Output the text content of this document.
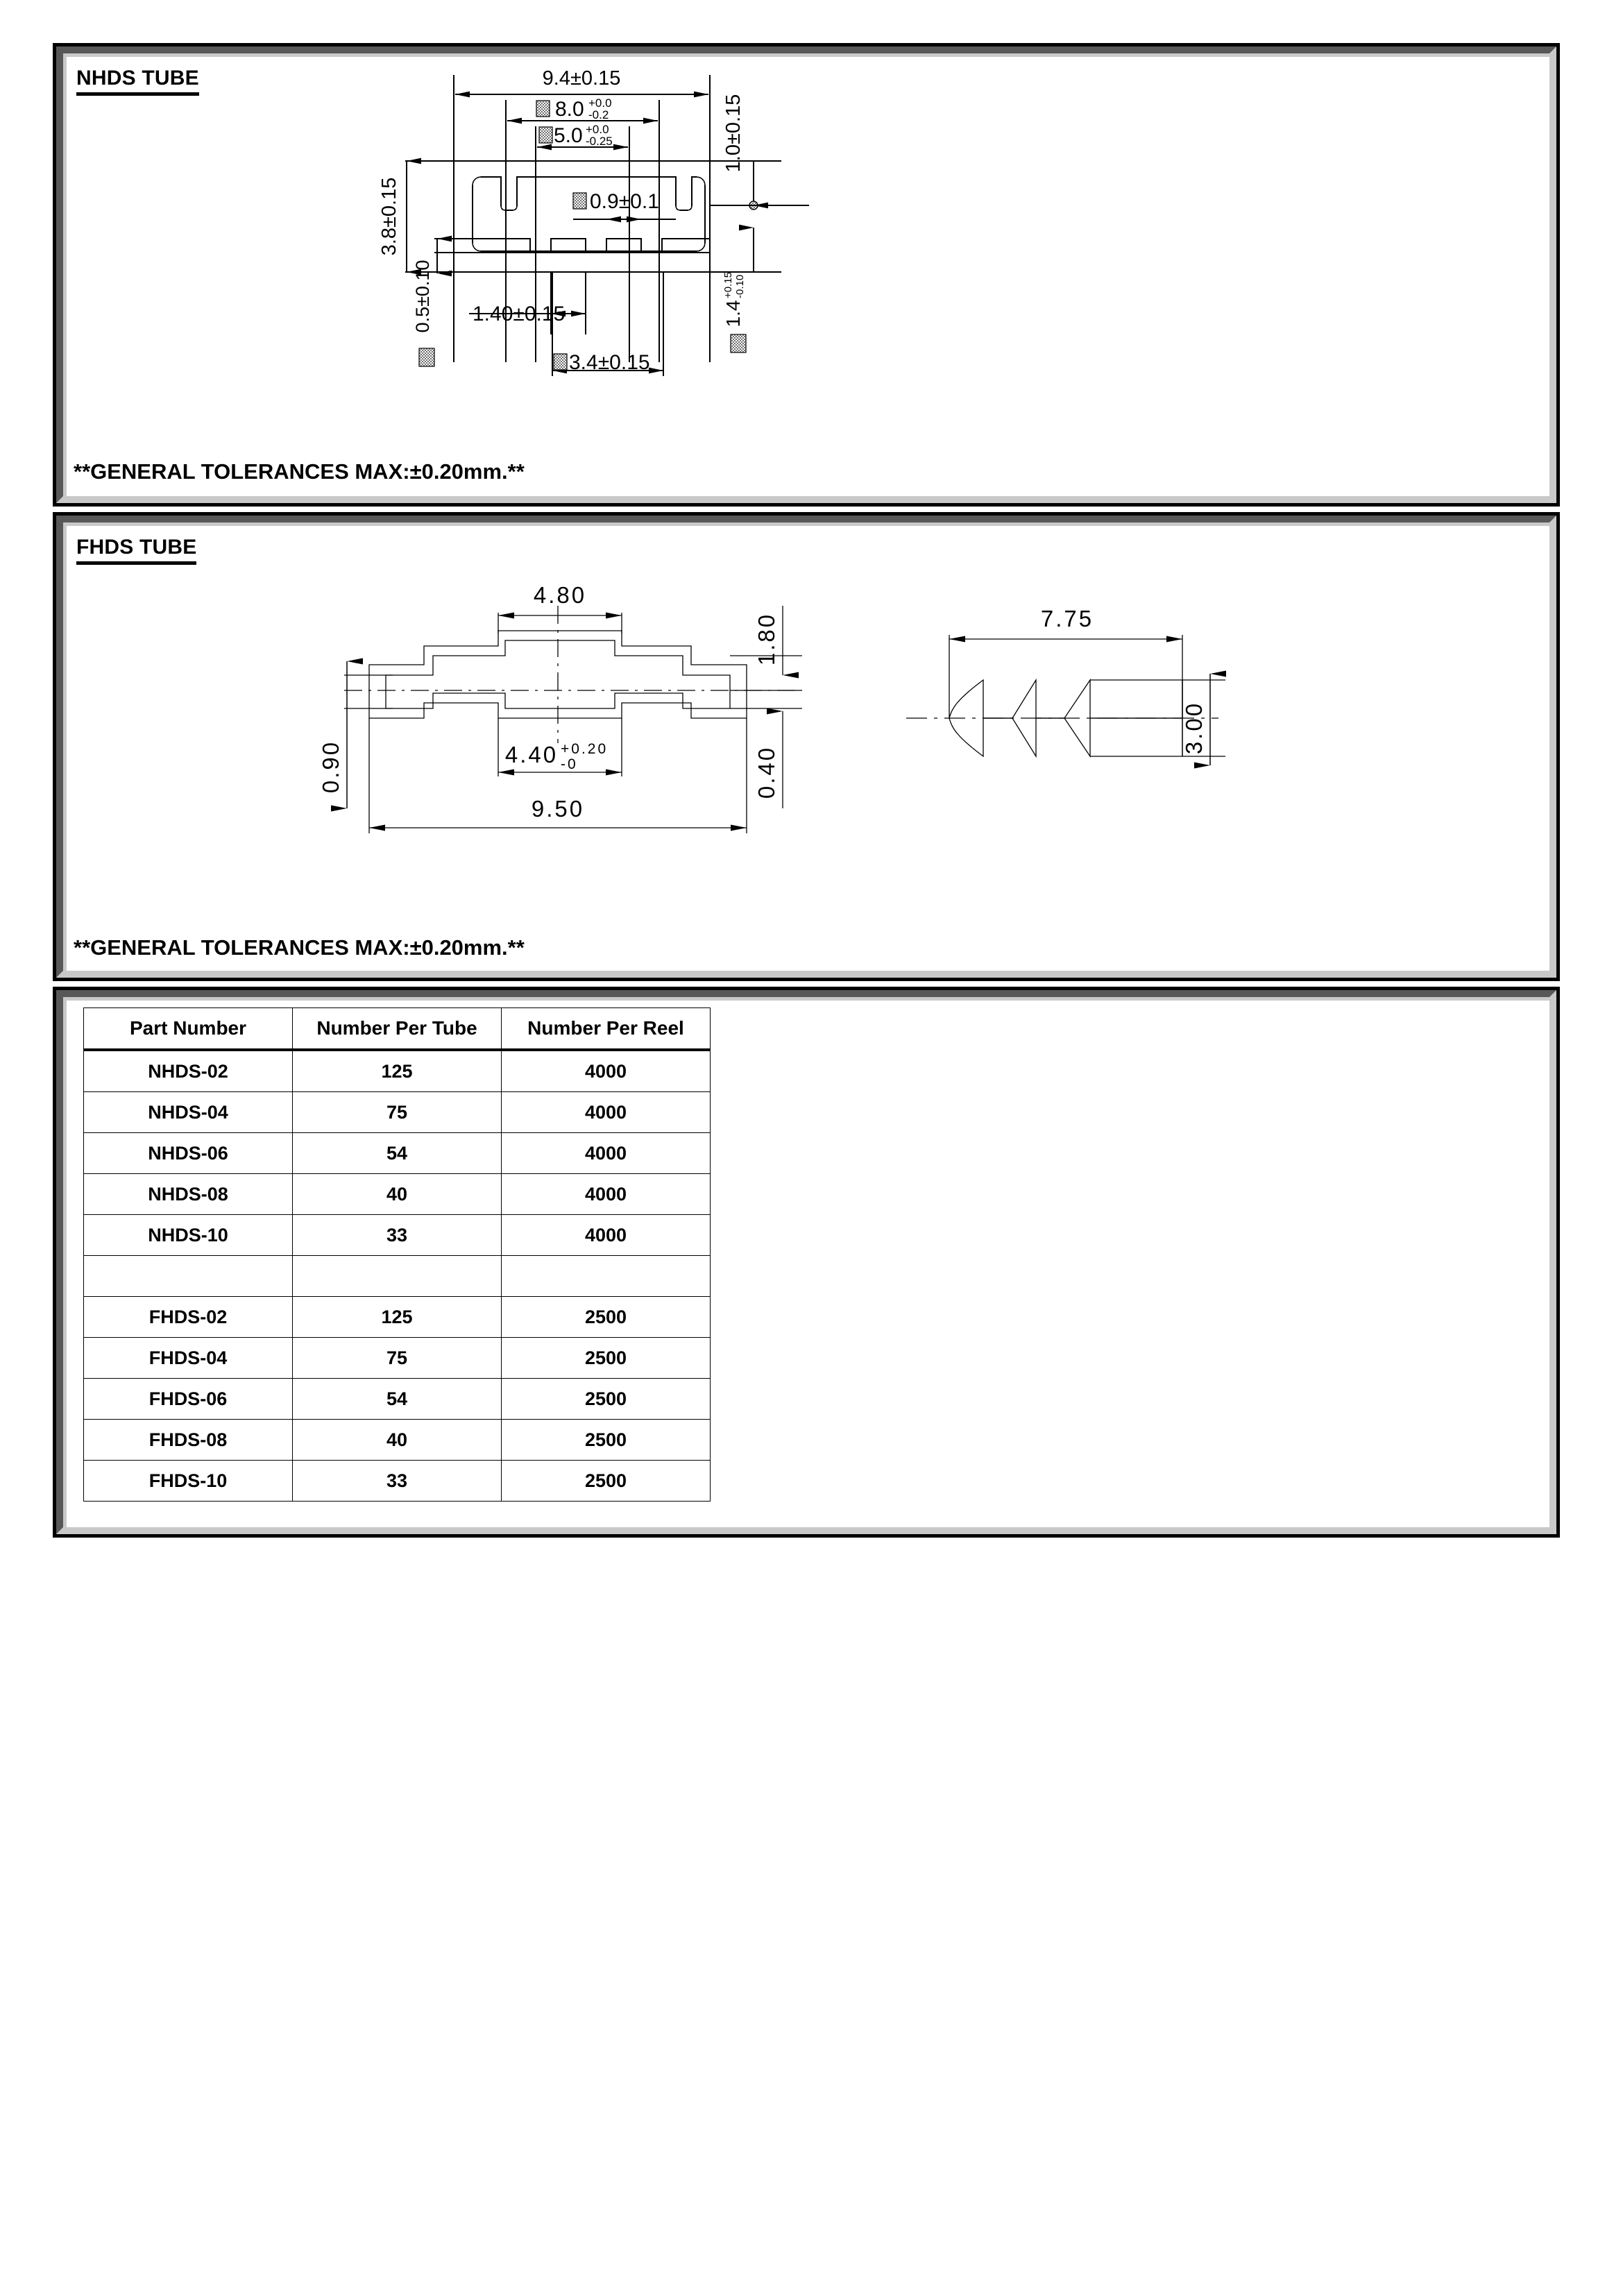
NHDS TUBE	9.4±0.15
8.0 +0.0
-0.2
5.0 +0.0
-0.25
3.8±0.15
0.5±0.10
0.9±0.1
1.0±0.15
1.4
+0.15 -0.10
1.40±0.15
3.4±0.15
**GENERAL TOLERANCES MAX:±0.20mm.**
FHDS TUBE
4.80
1.80
0.90	4.40 +0.20
-0
9.50
0.40
7.75
3.00
**GENERAL TOLERANCES MAX:±0.20mm.**
Part Number	Number Per Tube	Number Per Reel
NHDS-02	125	4000
NHDS-04	75	4000
NHDS-06	54	4000
NHDS-08	40	4000
NHDS-10	33	4000

FHDS-02	125	2500
FHDS-04	75	2500
FHDS-06	54	2500
FHDS-08	40	2500
FHDS-10	33	2500
